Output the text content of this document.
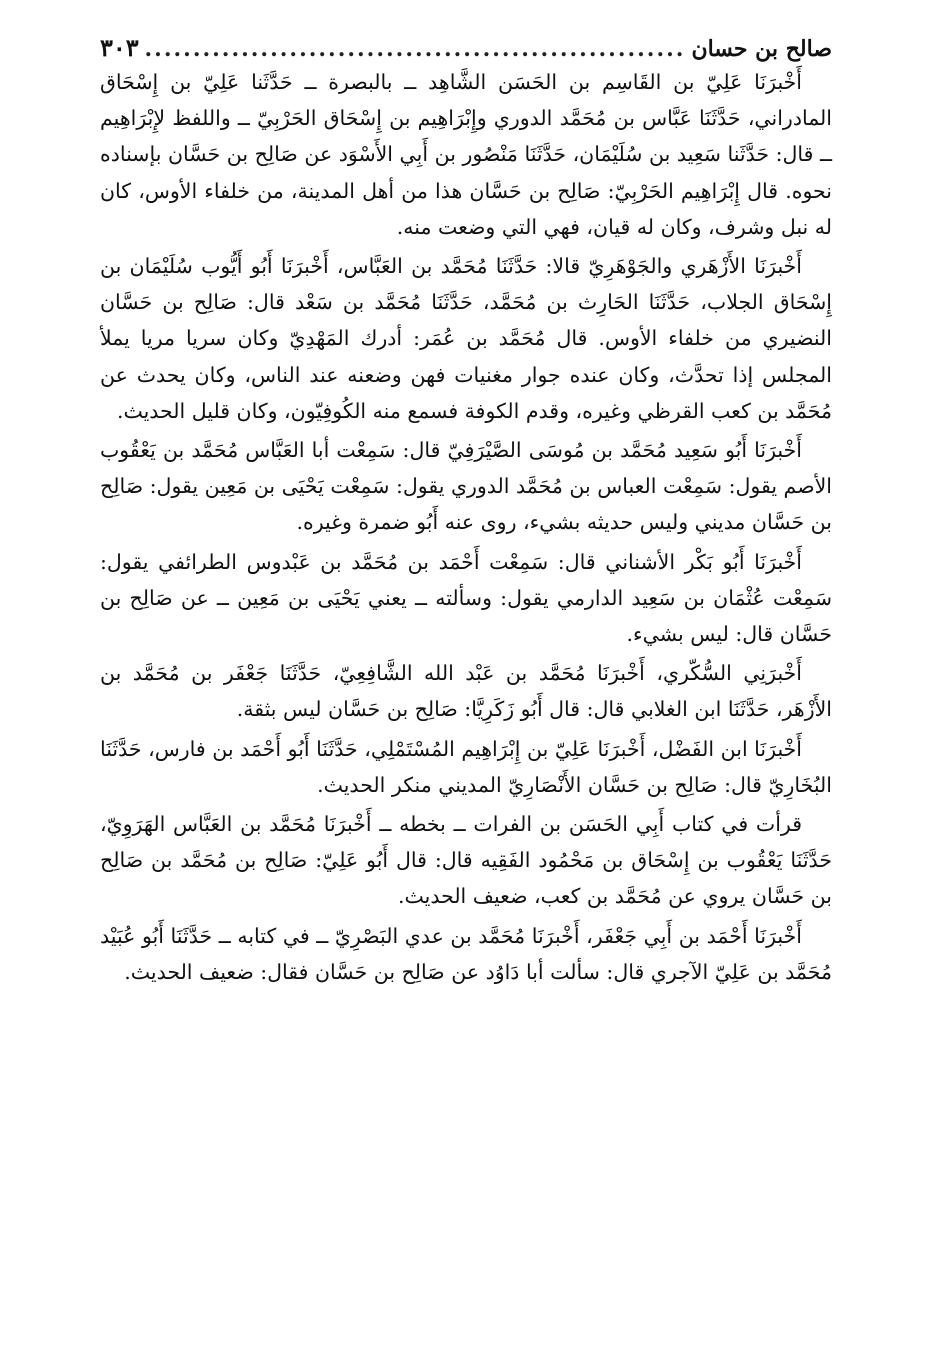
صالح بن حسان
.....
٣٠٣

أَخْبرَنَا عَلِيّ بن القَاسِم بن الحَسَن الشَّاهِد ــ بالبصرة ــ حَدَّثَنا عَلِيّ بن إِسْحَاق المادراني، حَدَّثَنَا عَبَّاس بن مُحَمَّد الدوري وإِبْرَاهِيم بن إِسْحَاق الحَرْبِيّ ــ واللفظ لإِبْرَاهِيم ــ قال: حَدَّثَنا سَعِيد بن سُلَيْمَان، حَدَّثَنَا مَنْصُور بن أَبِي الأَسْوَد عن صَالِح بن حَسَّان بإسناده نحوه. قال إِبْرَاهِيم الحَرْبِيّ: صَالِح بن حَسَّان هذا من أهل المدينة، من خلفاء الأوس، كان له نبل وشرف، وكان له قيان، فهي التي وضعت منه.

أَخْبرَنَا الأَزْهَري والجَوْهَرِيّ قالا: حَدَّثَنَا مُحَمَّد بن العَبَّاس، أَخْبرَنَا أَبُو أَيُّوب سُلَيْمَان بن إِسْحَاق الجلاب، حَدَّثَنَا الحَارِث بن مُحَمَّد، حَدَّثَنَا مُحَمَّد بن سَعْد قال: صَالِح بن حَسَّان النضيري من خلفاء الأوس. قال مُحَمَّد بن عُمَر: أدرك المَهْدِيّ وكان سريا مريا يملأ المجلس إذا تحدَّث، وكان عنده جوار مغنيات فهن وضعنه عند الناس، وكان يحدث عن مُحَمَّد بن كعب القرظي وغيره، وقدم الكوفة فسمع منه الكُوفِيّون، وكان قليل الحديث.

أَخْبرَنَا أَبُو سَعِيد مُحَمَّد بن مُوسَى الصَّيْرَفِيّ قال: سَمِعْت أبا العَبَّاس مُحَمَّد بن يَعْقُوب الأصم يقول: سَمِعْت العباس بن مُحَمَّد الدوري يقول: سَمِعْت يَحْيَى بن مَعِين يقول: صَالِح بن حَسَّان مديني وليس حديثه بشيء، روى عنه أَبُو ضمرة وغيره.

أَخْبرَنَا أَبُو بَكْر الأشناني قال: سَمِعْت أَحْمَد بن مُحَمَّد بن عَبْدوس الطرائفي يقول: سَمِعْت عُثْمَان بن سَعِيد الدارمي يقول: وسألته ــ يعني يَحْيَى بن مَعِين ــ عن صَالِح بن حَسَّان قال: ليس بشيء.

أَخْبرَنِي السُّكّري، أَخْبرَنَا مُحَمَّد بن عَبْد الله الشَّافِعِيّ، حَدَّثَنَا جَعْفَر بن مُحَمَّد بن الأَزْهَر، حَدَّثَنَا ابن الغلابي قال: قال أَبُو زَكَرِيَّا: صَالِح بن حَسَّان ليس بثقة.

أَخْبرَنَا ابن الفَضْل، أَخْبرَنَا عَلِيّ بن إِبْرَاهِيم المُسْتَمْلِي، حَدَّثَنَا أَبُو أَحْمَد بن فارس، حَدَّثَنَا البُخَارِيّ قال: صَالِح بن حَسَّان الأَنْصَارِيّ المديني منكر الحديث.

قرأت في كتاب أَبِي الحَسَن بن الفرات ــ بخطه ــ أَخْبرَنَا مُحَمَّد بن العَبَّاس الهَرَوِيّ، حَدَّثَنَا يَعْقُوب بن إِسْحَاق بن مَحْمُود الفَقِيه قال: قال أَبُو عَلِيّ: صَالِح بن مُحَمَّد بن صَالِح بن حَسَّان يروي عن مُحَمَّد بن كعب، ضعيف الحديث.

أَخْبرَنَا أَحْمَد بن أَبِي جَعْفَر، أَخْبرَنَا مُحَمَّد بن عدي البَصْرِيّ ــ في كتابه ــ حَدَّثَنَا أَبُو عُبَيْد مُحَمَّد بن عَلِيّ الآجري قال: سألت أبا دَاوُد عن صَالِح بن حَسَّان فقال: ضعيف الحديث.
